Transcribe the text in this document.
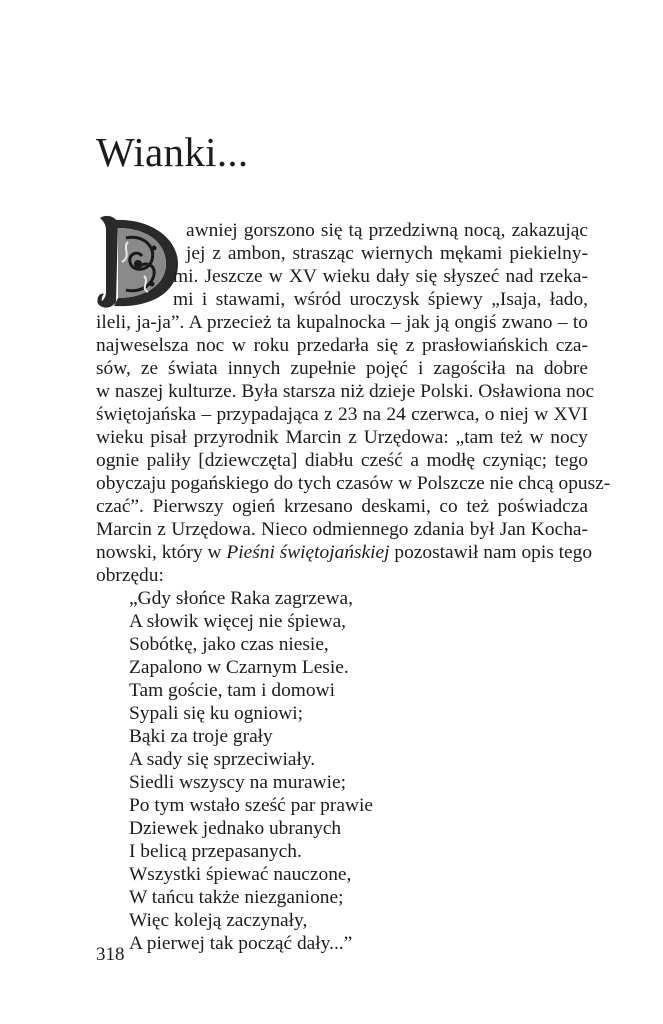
Wianki...
awniej gorszono się tą przedziwną nocą, zakazując
jej z ambon, strasząc wiernych mękami piekielny-
mi. Jeszcze w XV wieku dały się słyszeć nad rzeka-
mi i stawami, wśród uroczysk śpiewy „Isaja, łado,
ileli, ja-ja”. A przecież ta kupalnocka – jak ją ongiś zwano – to
najweselsza noc w roku przedarła się z prasłowiańskich cza-
sów, ze świata innych zupełnie pojęć i zagościła na dobre
w naszej kulturze. Była starsza niż dzieje Polski. Osławiona noc
świętojańska – przypadająca z 23 na 24 czerwca, o niej w XVI
wieku pisał przyrodnik Marcin z Urzędowa: „tam też w nocy
ognie paliły [dziewczęta] diabłu cześć a modłę czyniąc; tego
obyczaju pogańskiego do tych czasów w Polszcze nie chcą opusz-
czać”. Pierwszy ogień krzesano deskami, co też poświadcza
Marcin z Urzędowa. Nieco odmiennego zdania był Jan Kocha-
nowski, który w Pieśni świętojańskiej pozostawił nam opis tego
obrzędu:
„Gdy słońce Raka zagrzewa,
A słowik więcej nie śpiewa,
Sobótkę, jako czas niesie,
Zapalono w Czarnym Lesie.
Tam goście, tam i domowi
Sypali się ku ogniowi;
Bąki za troje grały
A sady się sprzeciwiały.
Siedli wszyscy na murawie;
Po tym wstało sześć par prawie
Dziewek jednako ubranych
I belicą przepasanych.
Wszystki śpiewać nauczone,
W tańcu także niezganione;
Więc koleją zaczynały,
A pierwej tak począć dały...”
318
